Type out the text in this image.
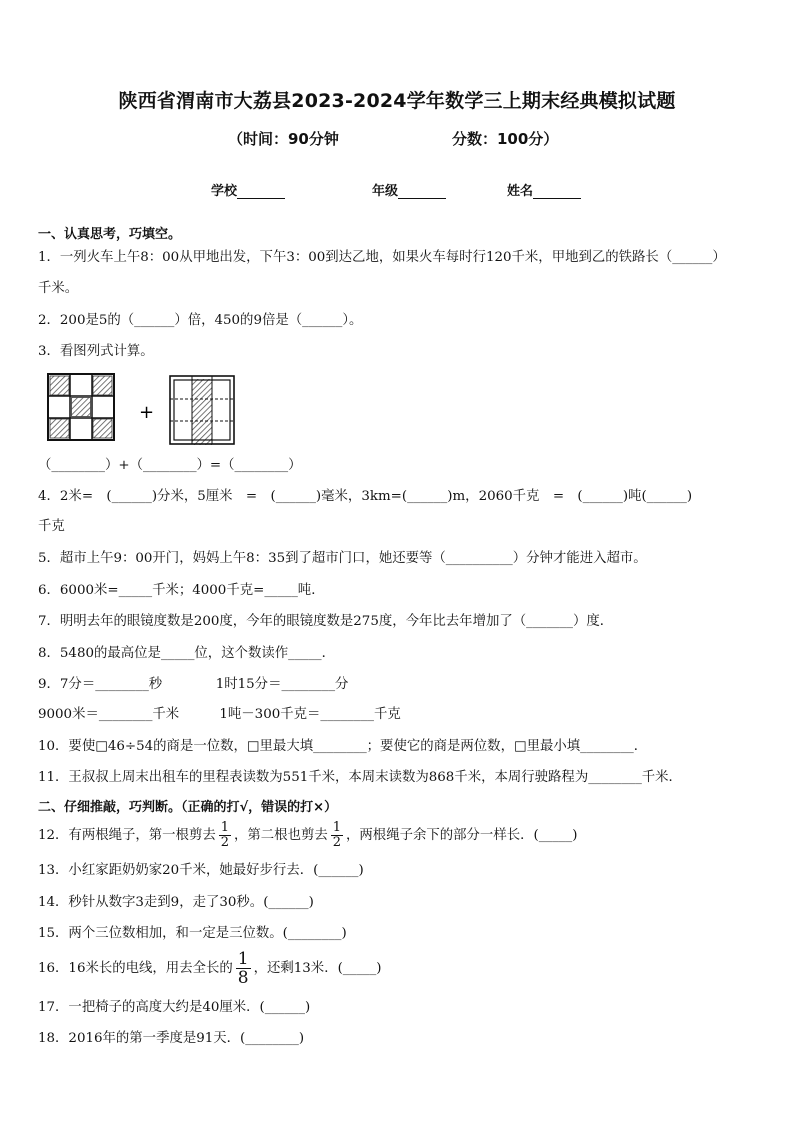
陕西省渭南市大荔县2023-2024学年数学三上期末经典模拟试题
（时间：90分钟	分数：100分）
学校	年级	姓名
一、认真思考，巧填空。
1．一列火车上午8：00从甲地出发，下午3：00到达乙地，如果火车每时行120千米，甲地到乙的铁路长（______）
千米。
2．200是5的（______）倍，450的9倍是（______）。
3．看图列式计算。
+
（________）+（________）=（________）
4．2米=　(______)分米，5厘米　=　(______)毫米，3km=(______)m，2060千克　=　(______)吨(______)
千克
5．超市上午9：00开门，妈妈上午8：35到了超市门口，她还要等（__________）分钟才能进入超市。
6．6000米=_____千米；4000千克=_____吨．
7．明明去年的眼镜度数是200度，今年的眼镜度数是275度，今年比去年增加了（_______）度．
8．5480的最高位是_____位，这个数读作_____．
9．7分＝________秒　　　　1时15分＝________分
9000米＝________千米　　　1吨－300千克＝________千克
10．要使□46÷54的商是一位数，□里最大填________；要使它的商是两位数，□里最小填________．
11．王叔叔上周末出租车的里程表读数为551千米，本周末读数为868千米，本周行驶路程为________千米．
二、仔细推敲，巧判断。（正确的打√，错误的打×）
12．有两根绳子，第一根剪去 $\frac{1}{2}$ ，第二根也剪去 $\frac{1}{2}$ ，两根绳子余下的部分一样长．(_____)
13．小红家距奶奶家20千米，她最好步行去．(______)
14．秒针从数字3走到9，走了30秒。(______)
15．两个三位数相加，和一定是三位数。(________)
16．16米长的电线，用去全长的 $\frac{1}{8}$ ，还剩13米．(_____)
17．一把椅子的高度大约是40厘米．(______)
18．2016年的第一季度是91天．(________)
